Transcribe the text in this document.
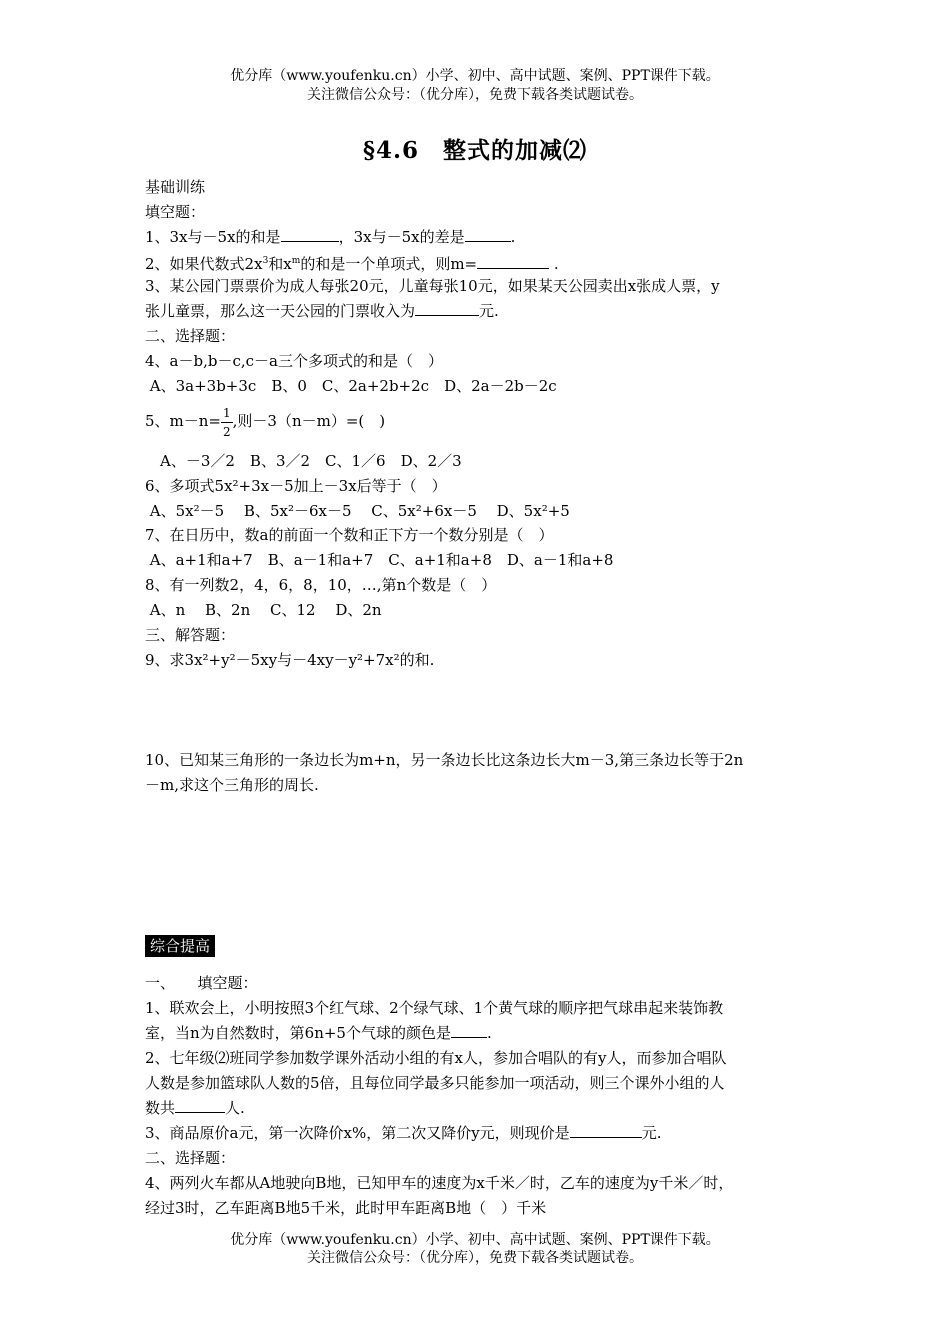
优分库（www.youfenku.cn）小学、初中、高中试题、案例、PPT课件下载。
关注微信公众号：（优分库），免费下载各类试题试卷。
§4.6　整式的加减⑵
基础训练
填空题：
1、3x与－5x的和是	，3x与－5x的差是	.
2、如果代数式$2x^3$和$x^m$的和是一个单项式，则m=	.
3、某公园门票票价为成人每张20元，儿童每张10元，如果某天公园卖出x张成人票，y
张儿童票，那么这一天公园的门票收入为	元.
二、选择题：
4、a－b,b－c,c－a三个多项式的和是（　）
A、3a+3b+3c　B、0　C、2a+2b+2c　D、2a－2b－2c
5、$m-n= \frac{1}{2}$ ,则－3（n－m）=(　)
　A、－3／2　B、3／2　C、1／6　D、2／3
6、多项式5x²+3x－5加上－3x后等于（　）
A、5x²－5　 B、5x²－6x－5　 C、5x²+6x－5　 D、5x²+5
7、在日历中，数a的前面一个数和正下方一个数分别是（　）
A、a+1和a+7　B、a－1和a+7　C、a+1和a+8　D、a－1和a+8
8、有一列数2，4，6，8，10，…,第n个数是（　）
A、n　 B、2n　 C、12　 D、2n
三、解答题：
9、求3x²+y²－5xy与－4xy－y²+7x²的和.
10、已知某三角形的一条边长为m+n，另一条边长比这条边长大m－3,第三条边长等于2n
－m,求这个三角形的周长.
综合提高
一、　　填空题：
1、联欢会上，小明按照3个红气球、2个绿气球、1个黄气球的顺序把气球串起来装饰教
室，当n为自然数时，第6n+5个气球的颜色是 .
2、七年级⑵班同学参加数学课外活动小组的有x人，参加合唱队的有y人，而参加合唱队
人数是参加篮球队人数的5倍，且每位同学最多只能参加一项活动，则三个课外小组的人
数共	人.
3、商品原价a元，第一次降价x%，第二次又降价y元，则现价是	元.
二、选择题：
4、两列火车都从A地驶向B地，已知甲车的速度为x千米／时，乙车的速度为y千米／时，
经过3时，乙车距离B地5千米，此时甲车距离B地（　）千米
优分库（www.youfenku.cn）小学、初中、高中试题、案例、PPT课件下载。
关注微信公众号：（优分库），免费下载各类试题试卷。
